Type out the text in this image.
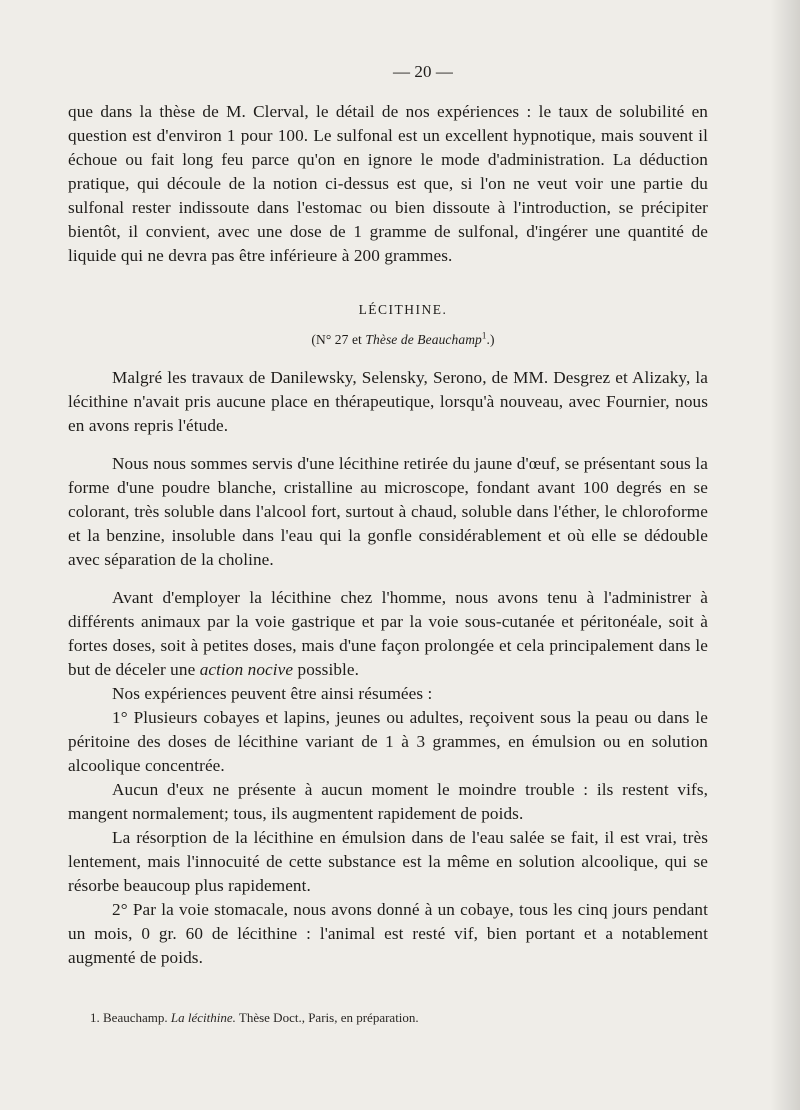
— 20 —

que dans la thèse de M. Clerval, le détail de nos expériences : le taux de solubilité en question est d'environ 1 pour 100. Le sulfonal est un excellent hypnotique, mais souvent il échoue ou fait long feu parce qu'on en ignore le mode d'administration. La déduction pratique, qui découle de la notion ci-dessus est que, si l'on ne veut voir une partie du sulfonal rester indissoute dans l'estomac ou bien dissoute à l'introduction, se précipiter bientôt, il convient, avec une dose de 1 gramme de sulfonal, d'ingérer une quantité de liquide qui ne devra pas être inférieure à 200 grammes.

LÉCITHINE.
(N° 27 et Thèse de Beauchamp$^1$.)

Malgré les travaux de Danilewsky, Selensky, Serono, de MM. Desgrez et Alizaky, la lécithine n'avait pris aucune place en thérapeutique, lorsqu'à nouveau, avec Fournier, nous en avons repris l'étude.

Nous nous sommes servis d'une lécithine retirée du jaune d'œuf, se présentant sous la forme d'une poudre blanche, cristalline au microscope, fondant avant 100 degrés en se colorant, très soluble dans l'alcool fort, surtout à chaud, soluble dans l'éther, le chloroforme et la benzine, insoluble dans l'eau qui la gonfle considérablement et où elle se dédouble avec séparation de la choline.

Avant d'employer la lécithine chez l'homme, nous avons tenu à l'administrer à différents animaux par la voie gastrique et par la voie sous-cutanée et péritonéale, soit à fortes doses, soit à petites doses, mais d'une façon prolongée et cela principalement dans le but de déceler une action nocive possible.

Nos expériences peuvent être ainsi résumées :

1° Plusieurs cobayes et lapins, jeunes ou adultes, reçoivent sous la peau ou dans le péritoine des doses de lécithine variant de 1 à 3 grammes, en émulsion ou en solution alcoolique concentrée.

Aucun d'eux ne présente à aucun moment le moindre trouble : ils restent vifs, mangent normalement; tous, ils augmentent rapidement de poids.

La résorption de la lécithine en émulsion dans de l'eau salée se fait, il est vrai, très lentement, mais l'innocuité de cette substance est la même en solution alcoolique, qui se résorbe beaucoup plus rapidement.

2° Par la voie stomacale, nous avons donné à un cobaye, tous les cinq jours pendant un mois, 0 gr. 60 de lécithine : l'animal est resté vif, bien portant et a notablement augmenté de poids.

1. Beauchamp. La lécithine. Thèse Doct., Paris, en préparation.
